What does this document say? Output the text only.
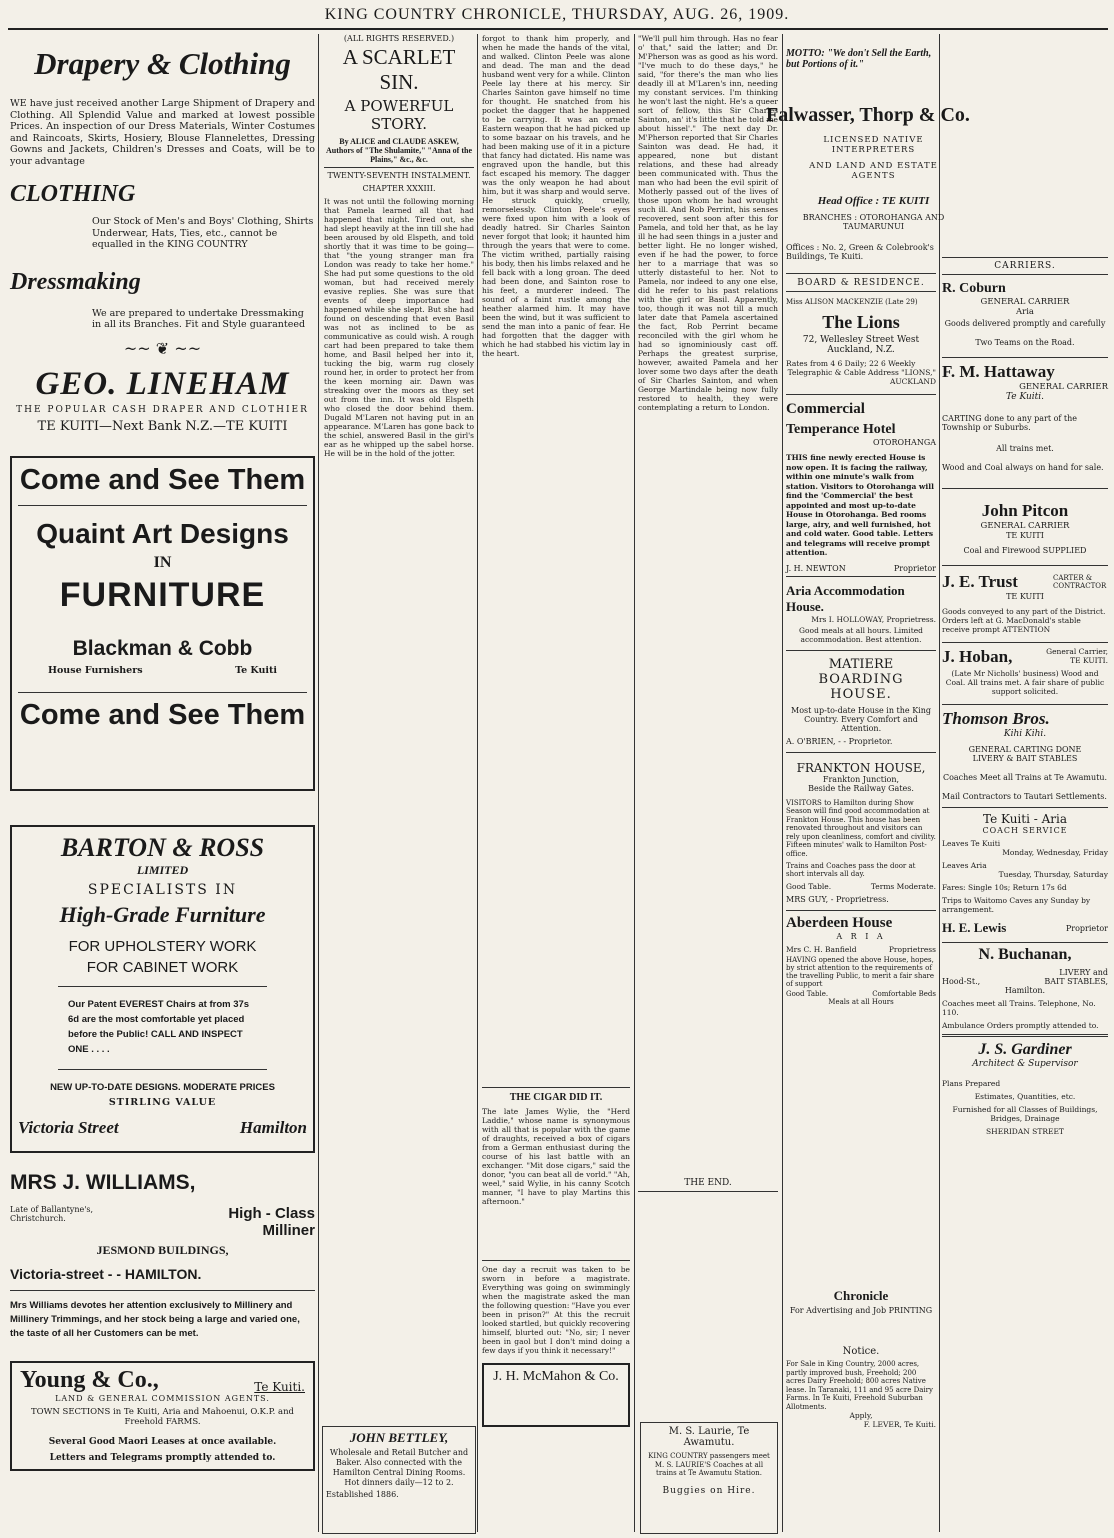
KING COUNTRY CHRONICLE, THURSDAY, AUG. 26, 1909.
Drapery & Clothing

WE have just received another Large Shipment of Drapery and Clothing. All Splendid Value and marked at lowest possible Prices. An inspection of our Dress Materials, Winter Costumes and Raincoats, Skirts, Hosiery, Blouse Flannelettes, Dressing Gowns and Jackets, Children's Dresses and Coats, will be to your advantage

CLOTHING

Our Stock of Men's and Boys' Clothing, Shirts Underwear, Hats, Ties, etc., cannot be equalled in the KING COUNTRY

Dressmaking

We are prepared to undertake Dressmaking in all its Branches. Fit and Style guaranteed

~~ ❦ ~~
GEO. LINEHAM
THE POPULAR CASH DRAPER AND CLOTHIER
TE KUITI—Next Bank N.Z.—TE KUITI
Come and See Them
Quaint Art Designs
IN
FURNITURE
Blackman & Cobb
House Furnishers	Te Kuiti
Come and See Them
BARTON & ROSS
LIMITED
SPECIALISTS IN
High-Grade Furniture
FOR UPHOLSTERY WORK
FOR CABINET WORK

Our Patent EVEREST Chairs at from 37s 6d are the most comfortable yet placed before the Public! CALL AND INSPECT ONE . . . .

NEW UP-TO-DATE DESIGNS. MODERATE PRICES
STIRLING VALUE
Victoria Street	Hamilton
MRS J. WILLIAMS,
Late of Ballantyne's, Christchurch.	High - Class
Milliner
JESMOND BUILDINGS,
Victoria-street - - HAMILTON.

Mrs Williams devotes her attention exclusively to Millinery and Millinery Trimmings, and her stock being a large and varied one, the taste of all her Customers can be met.

Young & Co.,	Te Kuiti.
LAND & GENERAL COMMISSION AGENTS.

TOWN SECTIONS in Te Kuiti, Aria and Mahoenui, O.K.P. and Freehold FARMS.

Several Good Maori Leases at once available.
Letters and Telegrams promptly attended to.
(ALL RIGHTS RESERVED.)
A SCARLET SIN.
A POWERFUL
STORY.
By ALICE and CLAUDE ASKEW,
Authors of "The Shulamite," "Anna of the Plains," &c., &c.
TWENTY-SEVENTH INSTALMENT.
CHAPTER XXXIII.

It was not until the following morning that Pamela learned all that had happened that night. Tired out, she had slept heavily at the inn till she had been aroused by old Elspeth, and told shortly that it was time to be going—that "the young stranger man fra London was ready to take her home." She had put some questions to the old woman, but had received merely evasive replies. She was sure that events of deep importance had happened while she slept. But she had found on descending that even Basil was not as inclined to be as communicative as could wish. A rough cart had been prepared to take them home, and Basil helped her into it, tucking the big, warm rug closely round her, in order to protect her from the keen morning air. Dawn was streaking over the moors as they set out from the inn. It was old Elspeth who closed the door behind them. Dugald M'Laren not having put in an appearance. M'Laren has gone back to the schiel, answered Basil in the girl's ear as he whipped up the sabel horse. He will be in the hold of the jotter.

forgot to thank him properly, and when he made the hands of the vital, and walked. Clinton Peele was alone and dead. The man and the dead husband went very for a while. Clinton Peele lay there at his mercy. Sir Charles Sainton gave himself no time for thought. He snatched from his pocket the dagger that he happened to be carrying. It was an ornate Eastern weapon that he had picked up to some bazaar on his travels, and he had been making use of it in a picture that fancy had dictated. His name was engraved upon the handle, but this fact escaped his memory. The dagger was the only weapon he had about him, but it was sharp and would serve. He struck quickly, cruelly, remorselessly. Clinton Peele's eyes were fixed upon him with a look of deadly hatred. Sir Charles Sainton never forgot that look; it haunted him through the years that were to come. The victim writhed, partially raising his body, then his limbs relaxed and he fell back with a long groan. The deed had been done, and Sainton rose to his feet, a murderer indeed. The sound of a faint rustle among the heather alarmed him. It may have been the wind, but it was sufficient to send the man into a panic of fear. He had forgotten that the dagger with which he had stabbed his victim lay in the heart.

THE CIGAR DID IT.

The late James Wylie, the "Herd Laddie," whose name is synonymous with all that is popular with the game of draughts, received a box of cigars from a German enthusiast during the course of his last battle with an exchanger. "Mit dose cigars," said the donor, "you can beat all de vorld." "Ah, weel," said Wylie, in his canny Scotch manner, "I have to play Martins this afternoon."

One day a recruit was taken to be sworn in before a magistrate. Everything was going on swimmingly when the magistrate asked the man the following question: "Have you ever been in prison?" At this the recruit looked startled, but quickly recovering himself, blurted out: "No, sir; I never been in gaol but I don't mind doing a few days if you think it necessary!"

J. H. McMahon & Co.

"We'll pull him through. Has no fear o' that," said the latter; and Dr. M'Pherson was as good as his word. "I've much to do these days," he said, "for there's the man who lies deadly ill at M'Laren's inn, needing my constant services. I'm thinking he won't last the night. He's a queer sort of fellow, this Sir Charles Sainton, an' it's little that he told me about hissel'." The next day Dr. M'Pherson reported that Sir Charles Sainton was dead. He had, it appeared, none but distant relations, and these had already been communicated with. Thus the man who had been the evil spirit of Motherly passed out of the lives of those upon whom he had wrought such ill. And Rob Perrint, his senses recovered, sent soon after this for Pamela, and told her that, as he lay ill he had seen things in a juster and better light. He no longer wished, even if he had the power, to force her to a marriage that was so utterly distasteful to her. Not to Pamela, nor indeed to any one else, did he refer to his past relations with the girl or Basil. Apparently, too, though it was not till a much later date that Pamela ascertained the fact, Rob Perrint became reconciled with the girl whom he had so ignominiously cast off. Perhaps the greatest surprise, however, awaited Pamela and her lover some two days after the death of Sir Charles Sainton, and when George Martindale being now fully restored to health, they were contemplating a return to London.

THE END.
JOHN BETTLEY,

Wholesale and Retail Butcher and Baker. Also connected with the Hamilton Central Dining Rooms. Hot dinners daily—12 to 2.

Established 1886.
MOTTO: "We don't Sell the Earth, but Portions of it."
Falwasser, Thorp & Co.
LICENSED NATIVE INTERPRETERS
AND LAND AND ESTATE AGENTS
Head Office : TE KUITI
BRANCHES : OTOROHANGA AND TAUMARUNUI
Offices : No. 2, Green & Colebrook's Buildings, Te Kuiti.
BOARD & RESIDENCE.
Miss ALISON MACKENZIE (Late 29)
The Lions
72, Wellesley Street West
Auckland, N.Z.
Rates from 4 6 Daily; 22 6 Weekly
Telegraphic & Cable Address "LIONS," AUCKLAND
Commercial
Temperance Hotel
OTOROHANGA

THIS fine newly erected House is now open. It is facing the railway, within one minute's walk from station. Visitors to Otorohanga will find the 'Commercial' the best appointed and most up-to-date House in Otorohanga. Bed rooms large, airy, and well furnished, hot and cold water. Good table. Letters and telegrams will receive prompt attention.

J. H. NEWTON	Proprietor
Aria Accommodation House.
Mrs I. HOLLOWAY, Proprietress.

Good meals at all hours. Limited accommodation. Best attention.

MATIERE
BOARDING HOUSE.

Most up-to-date House in the King Country. Every Comfort and Attention.

A. O'BRIEN, - - Proprietor.
FRANKTON HOUSE,
Frankton Junction,
Beside the Railway Gates.

VISITORS to Hamilton during Show Season will find good accommodation at Frankton House. This house has been renovated throughout and visitors can rely upon cleanliness, comfort and civility. Fifteen minutes' walk to Hamilton Post-office.

Trains and Coaches pass the door at short intervals all day.

Good Table.	Terms Moderate.
MRS GUY, - Proprietress.
Aberdeen House
A R I A
Mrs C. H. Banfield	Proprietress

HAVING opened the above House, hopes, by strict attention to the requirements of the travelling Public, to merit a fair share of support

Good Table.	Comfortable Beds
Meals at all Hours
Chronicle

For Advertising and Job PRINTING

Notice.

For Sale in King Country, 2000 acres, partly improved bush, Freehold; 200 acres Dairy Freehold; 800 acres Native lease. In Taranaki, 111 and 95 acre Dairy Farms. In Te Kuiti, Freehold Suburban Allotments.

Apply,
F. LEVER, Te Kuiti.
M. S. Laurie, Te Awamutu.

KING COUNTRY passengers meet M. S. LAURIE'S Coaches at all trains at Te Awamutu Station.

Buggies on Hire.
CARRIERS.
R. Coburn
GENERAL CARRIER
Aria
Goods delivered promptly and carefully
Two Teams on the Road.
F. M. Hattaway
GENERAL CARRIER
Te Kuiti.

CARTING done to any part of the Township or Suburbs.

All trains met.
Wood and Coal always on hand for sale.
John Pitcon
GENERAL CARRIER
TE KUITI
Coal and Firewood SUPPLIED
J. E. Trust	CARTER & CONTRACTOR
TE KUITI

Goods conveyed to any part of the District. Orders left at G. MacDonald's stable receive prompt ATTENTION

J. Hoban,	General Carrier, TE KUITI.

(Late Mr Nicholls' business) Wood and Coal. All trains met. A fair share of public support solicited.

Thomson Bros.
Kihi Kihi.
GENERAL CARTING DONE
LIVERY & BAIT STABLES
Coaches Meet all Trains at Te Awamutu.
Mail Contractors to Tautari Settlements.
Te Kuiti - Aria
COACH SERVICE
Leaves Te Kuiti
Monday, Wednesday, Friday
Leaves Aria
Tuesday, Thursday, Saturday
Fares: Single 10s; Return 17s 6d
Trips to Waitomo Caves any Sunday by arrangement.
H. E. Lewis	Proprietor
N. Buchanan,
LIVERY and
Hood-St.,	BAIT STABLES,
Hamilton.
Coaches meet all Trains. Telephone, No. 110.
Ambulance Orders promptly attended to.
J. S. Gardiner
Architect & Supervisor
Plans Prepared
Estimates, Quantities, etc.
Furnished for all Classes of Buildings, Bridges, Drainage
SHERIDAN STREET
